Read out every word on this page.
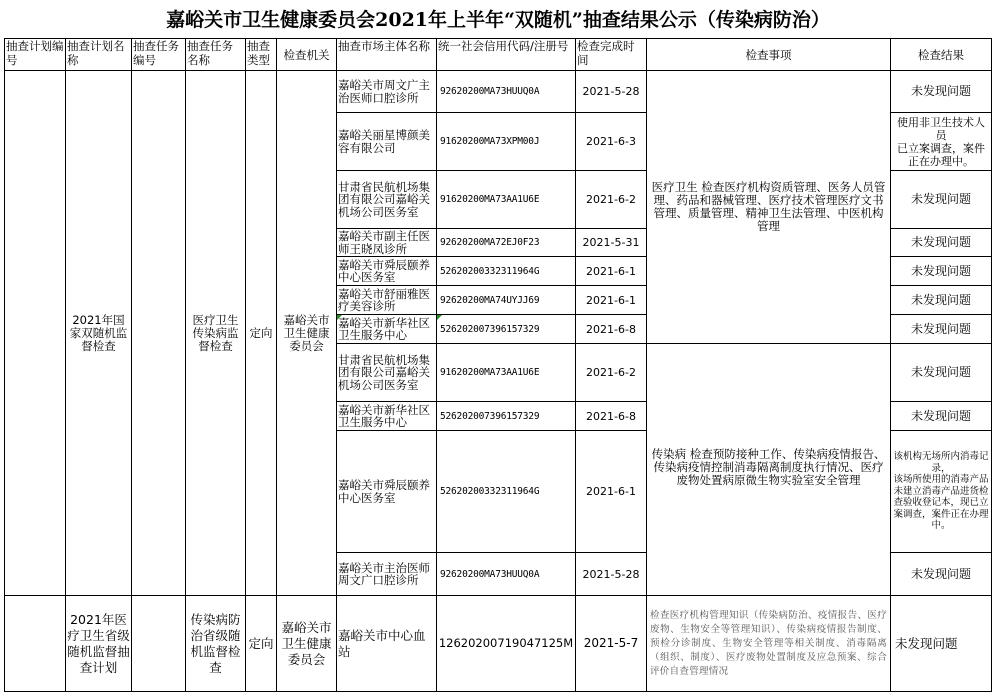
嘉峪关市卫生健康委员会2021年上半年“双随机”抽查结果公示（传染病防治）
抽查计划编号	抽查计划名称	抽查任务编号	抽查任务名称	抽查类型	检查机关	抽查市场主体名称	统一社会信用代码/注册号	检查完成时间	检查事项	检查结果
	2021年国家双随机监督检查		医疗卫生传染病监督检查	定向	嘉峪关市卫生健康委员会	嘉峪关市周文广主治医师口腔诊所	92620200MA73HUUQ0A	2021-5-28	医疗卫生 检查医疗机构资质管理、医务人员管理、药品和器械管理、医疗技术管理医疗文书管理、质量管理、精神卫生法管理、中医机构管理	未发现问题
						嘉峪关丽星博颜美容有限公司	91620200MA73XPM00J	2021-6-3		使用非卫生技术人员
已立案调查，案件正在办理中。
						甘肃省民航机场集团有限公司嘉峪关机场公司医务室	91620200MA73AA1U6E	2021-6-2		未发现问题
						嘉峪关市副主任医师王晓凤诊所	92620200MA72EJ0F23	2021-5-31		未发现问题
						嘉峪关市舜辰颐养中心医务室	52620200332311964G	2021-6-1		未发现问题
						嘉峪关市舒丽雅医疗美容诊所	92620200MA74UYJJ69	2021-6-1		未发现问题
						嘉峪关市新华社区卫生服务中心	52620200739615732​9	2021-6-8		未发现问题
						甘肃省民航机场集团有限公司嘉峪关机场公司医务室	91620200MA73AA1U6E	2021-6-2	传染病 检查预防接种工作、传染病疫情报告、传染病疫情控制消毒隔离制度执行情况、医疗废物处置病原微生物实验室安全管理	未发现问题
						嘉峪关市新华社区卫生服务中心	526202007396157329	2021-6-8		未发现问题
						嘉峪关市舜辰颐养中心医务室	52620200332311964G	2021-6-1		该机构无场所内消毒记录，
该场所使用的消毒产品
未建立消毒产品进货检查验收登记本，现已立案调查，案件正在办理中。
						嘉峪关市主治医师周文广口腔诊所	92620200MA73HUUQ0A	2021-5-28		未发现问题
	2021年医疗卫生省级随机监督抽查计划		传染病防治省级随机监督检查	定向	嘉峪关市卫生健康委员会	嘉峪关市中心血站	12620200719047125M	2021-5-7	检查医疗机构管理知识（传染病防治、疫情报告、医疗废物、生物安全等管理知识）、传染病疫情报告制度、预检分诊制度、生物安全管理等相关制度、消毒隔离（组织、制度）、医疗废物处置制度及应急预案、综合评价自查管理情况	未发现问题
